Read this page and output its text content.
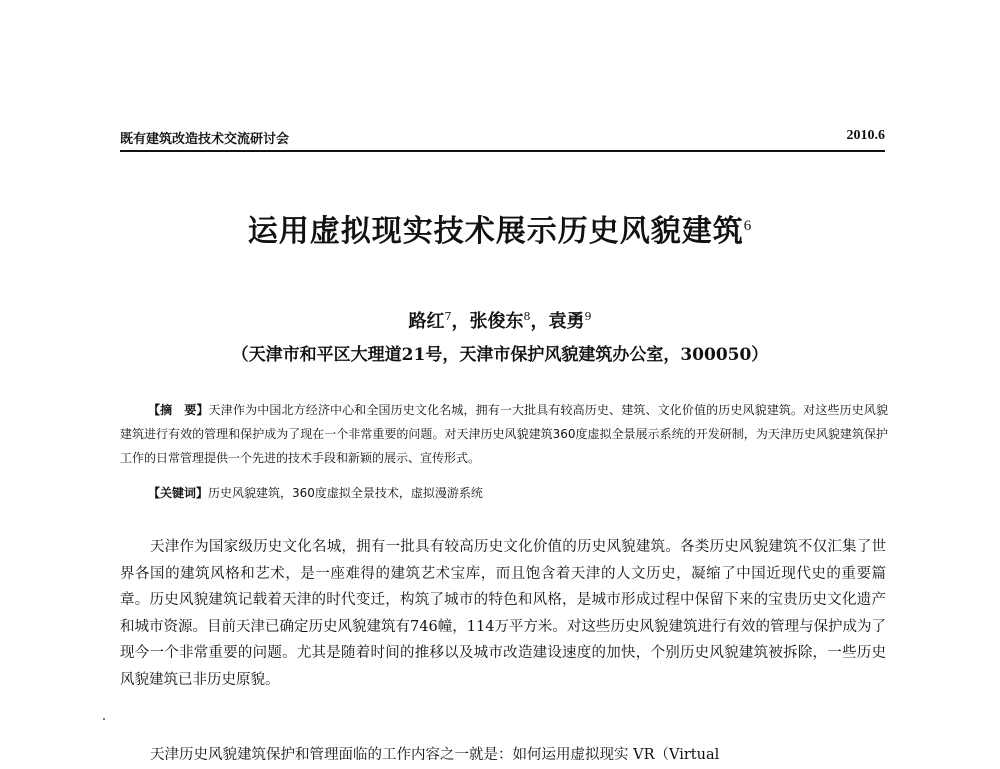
既有建筑改造技术交流研讨会	2010.6
运用虚拟现实技术展示历史风貌建筑$^6$
路红$^7$，张俊东$^8$，袁勇$^9$
（天津市和平区大理道21号，天津市保护风貌建筑办公室，300050）
【摘　要】天津作为中国北方经济中心和全国历史文化名城，拥有一大批具有较高历史、建筑、文化价值的历史风貌建筑。对这些历史风貌建筑进行有效的管理和保护成为了现在一个非常重要的问题。对天津历史风貌建筑360度虚拟全景展示系统的开发研制，为天津历史风貌建筑保护工作的日常管理提供一个先进的技术手段和新颖的展示、宣传形式。
【关键词】历史风貌建筑，360度虚拟全景技术，虚拟漫游系统
天津作为国家级历史文化名城，拥有一批具有较高历史文化价值的历史风貌建筑。各类历史风貌建筑不仅汇集了世界各国的建筑风格和艺术，是一座难得的建筑艺术宝库，而且饱含着天津的人文历史，凝缩了中国近现代史的重要篇章。历史风貌建筑记载着天津的时代变迁，构筑了城市的特色和风格，是城市形成过程中保留下来的宝贵历史文化遗产和城市资源。目前天津已确定历史风貌建筑有746幢，114万平方米。对这些历史风貌建筑进行有效的管理与保护成为了现今一个非常重要的问题。尤其是随着时间的推移以及城市改造建设速度的加快，个别历史风貌建筑被拆除，一些历史风貌建筑已非历史原貌。
天津历史风貌建筑保护和管理面临的工作内容之一就是：如何运用虚拟现实 VR（Virtual
